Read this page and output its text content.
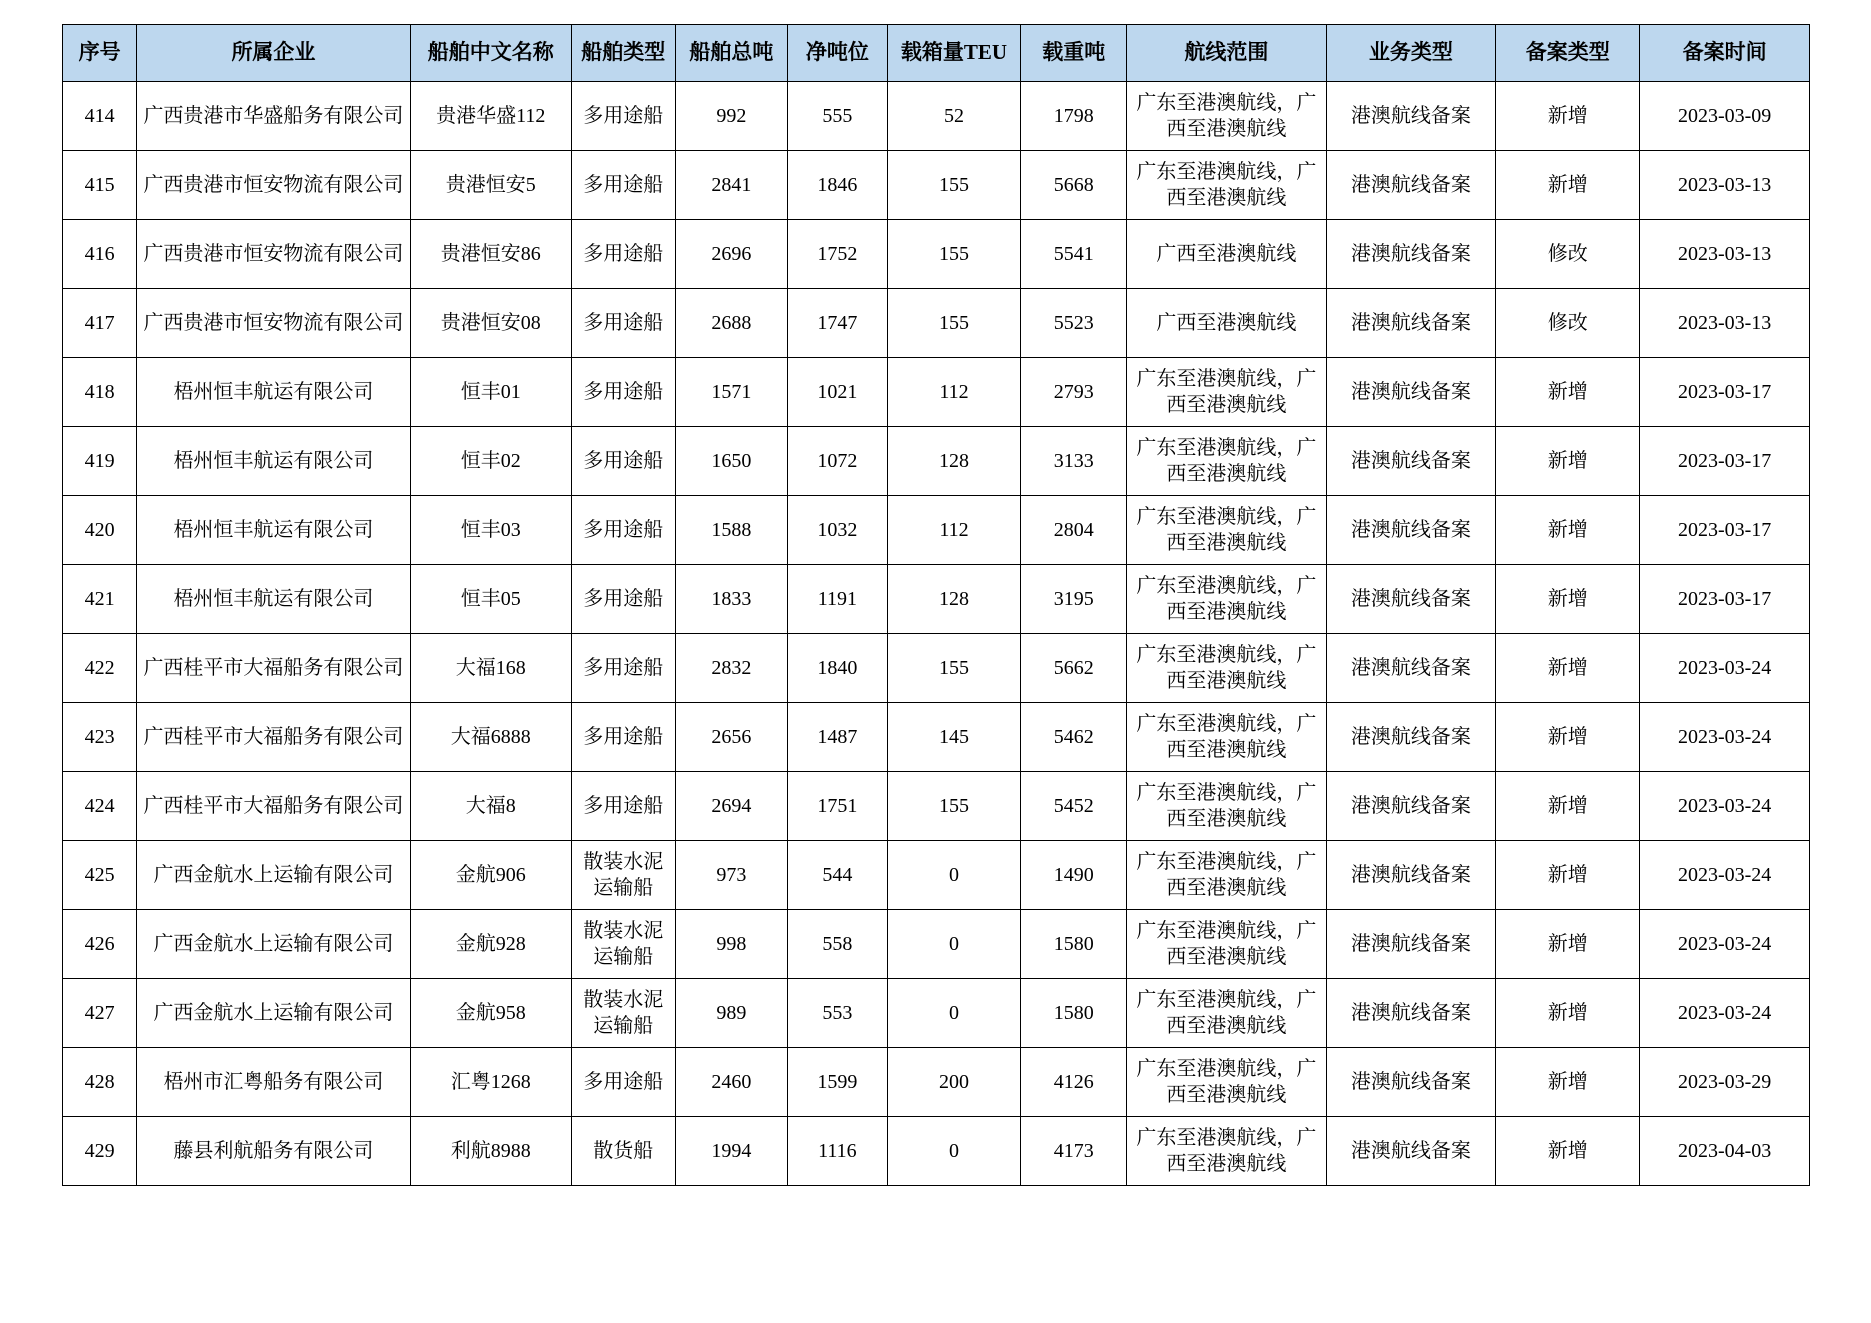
序号	所属企业	船舶中文名称	船舶类型	船舶总吨	净吨位	载箱量TEU	载重吨	航线范围	业务类型	备案类型	备案时间
414	广西贵港市华盛船务有限公司	贵港华盛112	多用途船	992	555	52	1798	广东至港澳航线，广西至港澳航线	港澳航线备案	新增	2023-03-09
415	广西贵港市恒安物流有限公司	贵港恒安5	多用途船	2841	1846	155	5668	广东至港澳航线，广西至港澳航线	港澳航线备案	新增	2023-03-13
416	广西贵港市恒安物流有限公司	贵港恒安86	多用途船	2696	1752	155	5541	广西至港澳航线	港澳航线备案	修改	2023-03-13
417	广西贵港市恒安物流有限公司	贵港恒安08	多用途船	2688	1747	155	5523	广西至港澳航线	港澳航线备案	修改	2023-03-13
418	梧州恒丰航运有限公司	恒丰01	多用途船	1571	1021	112	2793	广东至港澳航线，广西至港澳航线	港澳航线备案	新增	2023-03-17
419	梧州恒丰航运有限公司	恒丰02	多用途船	1650	1072	128	3133	广东至港澳航线，广西至港澳航线	港澳航线备案	新增	2023-03-17
420	梧州恒丰航运有限公司	恒丰03	多用途船	1588	1032	112	2804	广东至港澳航线，广西至港澳航线	港澳航线备案	新增	2023-03-17
421	梧州恒丰航运有限公司	恒丰05	多用途船	1833	1191	128	3195	广东至港澳航线，广西至港澳航线	港澳航线备案	新增	2023-03-17
422	广西桂平市大福船务有限公司	大福168	多用途船	2832	1840	155	5662	广东至港澳航线，广西至港澳航线	港澳航线备案	新增	2023-03-24
423	广西桂平市大福船务有限公司	大福6888	多用途船	2656	1487	145	5462	广东至港澳航线，广西至港澳航线	港澳航线备案	新增	2023-03-24
424	广西桂平市大福船务有限公司	大福8	多用途船	2694	1751	155	5452	广东至港澳航线，广西至港澳航线	港澳航线备案	新增	2023-03-24
425	广西金航水上运输有限公司	金航906	散装水泥运输船	973	544	0	1490	广东至港澳航线，广西至港澳航线	港澳航线备案	新增	2023-03-24
426	广西金航水上运输有限公司	金航928	散装水泥运输船	998	558	0	1580	广东至港澳航线，广西至港澳航线	港澳航线备案	新增	2023-03-24
427	广西金航水上运输有限公司	金航958	散装水泥运输船	989	553	0	1580	广东至港澳航线，广西至港澳航线	港澳航线备案	新增	2023-03-24
428	梧州市汇粤船务有限公司	汇粤1268	多用途船	2460	1599	200	4126	广东至港澳航线，广西至港澳航线	港澳航线备案	新增	2023-03-29
429	藤县利航船务有限公司	利航8988	散货船	1994	1116	0	4173	广东至港澳航线，广西至港澳航线	港澳航线备案	新增	2023-04-03
